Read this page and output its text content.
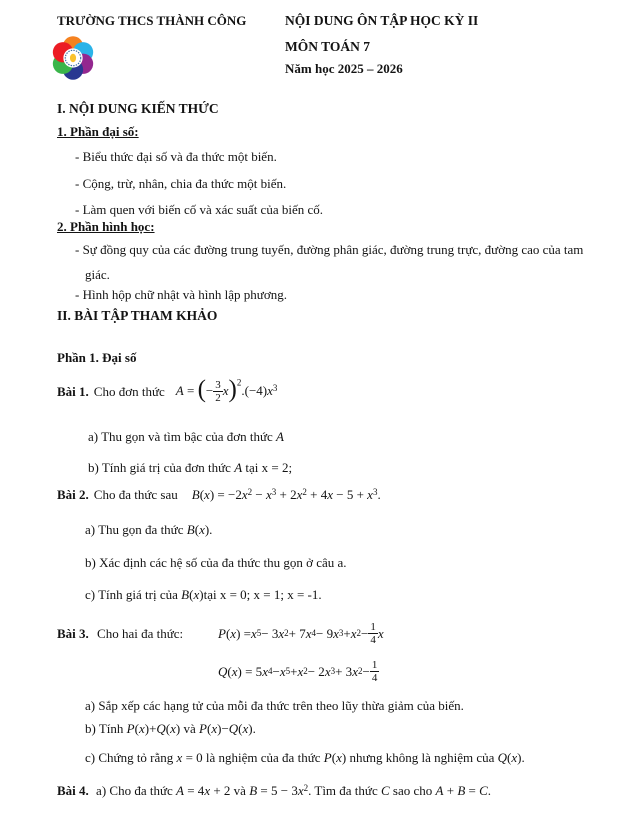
TRƯỜNG THCS THÀNH CÔNG	NỘI DUNG ÔN TẬP HỌC KỲ II
MÔN TOÁN 7
Năm học 2025 – 2026
I. NỘI DUNG KIẾN THỨC
1. Phần đại số:
- Biểu thức đại số và đa thức một biến.
- Cộng, trừ, nhân, chia đa thức một biến.
- Làm quen với biến cố và xác suất của biến cố.
2. Phần hình học:
- Sự đồng quy của các đường trung tuyến, đường phân giác, đường trung trực, đường cao của tam giác.
- Hình hộp chữ nhật và hình lập phương.
II. BÀI TẬP THAM KHẢO
Phần 1. Đại số
Bài 1. Cho đơn thức A = (− $\frac{3}{2} x)^2.(-4)x^3$
a) Thu gọn và tìm bậc của đơn thức A
b) Tính giá trị của đơn thức A tại x = 2;
Bài 2. Cho đa thức sau $B(x) = -2x^2 - x^3 + 2x^2 + 4x - 5 + x^3$.
a) Thu gọn đa thức B(x).
b) Xác định các hệ số của đa thức thu gọn ở câu a.
c) Tính giá trị của B(x)tại x = 0; x = 1; x = -1.
Bài 3. Cho hai đa thức:	P ( x ) = x 5 − 3 x 2 + 7 x 4 − 9 x 3 + x $2 - \frac{1}{4}$ x
Q ( x ) = 5 x 4 − x 5 + x 2 − 2 x 3 + 3 x $2 - \frac{1}{4}$
a) Sắp xếp các hạng tử của mỗi đa thức trên theo lũy thừa giảm của biến.
b) Tính P(x)+Q(x) và P(x)−Q(x).
c) Chứng tỏ rằng x = 0 là nghiệm của đa thức P(x) nhưng không là nghiệm của Q(x).
Bài 4. a) Cho đa thức A = 4x + 2 và $B = 5 - 3x^2$. Tìm đa thức C sao cho A + B = C.
